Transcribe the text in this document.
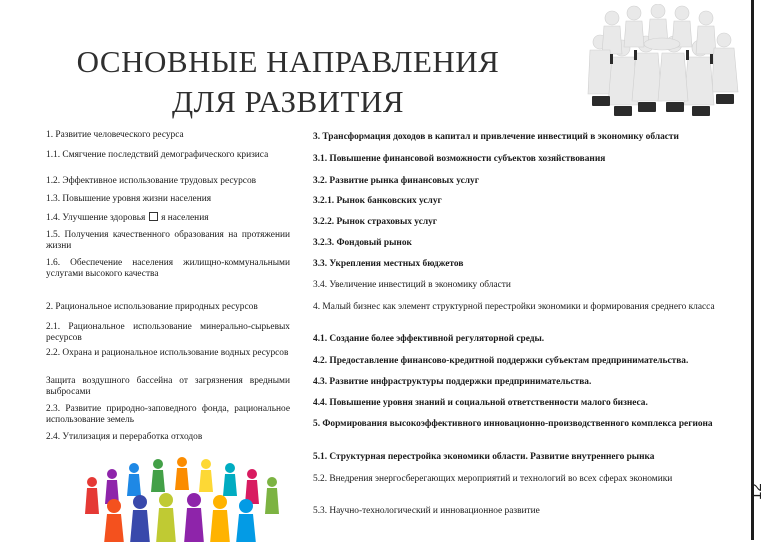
ОСНОВНЫЕ НАПРАВЛЕНИЯ
ДЛЯ РАЗВИТИЯ
1. Развитие человеческого ресурса
1.1. Смягчение последствий демографического кризиса
1.2. Эффективное использование трудовых ресурсов
1.3. Повышение уровня жизни населения
1.4. Улучшение здоровья я населения
1.5. Получения качественного образования на протяжении жизни
1.6. Обеспечение населения жилищно-коммунальными услугами высокого качества
2. Рациональное использование природных ресурсов
2.1. Рациональное использование минерально-сырьевых ресурсов
2.2. Охрана и рациональное использование водных ресурсов
Защита воздушного бассейна от загрязнения вредными выбросами
2.3. Развитие природно-заповедного фонда, рациональное использование земель
2.4. Утилизация и переработка отходов
3. Трансформация доходов в капитал и привлечение инвестиций в экономику области
3.1. Повышение финансовой возможности субъектов хозяйствования
3.2. Развитие рынка финансовых услуг
3.2.1. Рынок банковских услуг
3.2.2. Рынок страховых услуг
3.2.3. Фондовый рынок
3.3. Укрепления местных бюджетов
3.4. Увеличение инвестиций в экономику области
4. Малый бизнес как элемент структурной перестройки экономики и формирования среднего класса
4.1. Создание более эффективной регуляторной среды.
4.2. Предоставление финансово-кредитной поддержки субъектам предпринимательства.
4.3. Развитие инфраструктуры поддержки предпринимательства.
4.4. Повышение уровня знаний и социальной ответственности малого бизнеса.
5. Формирования высокоэффективного инновационно-производственного комплекса региона
5.1. Структурная перестройка экономики области. Развитие внутреннего рынка
5.2. Внедрения энергосберегающих мероприятий и технологий во всех сферах экономики
5.3. Научно-технологический и инновационное развитие
12
